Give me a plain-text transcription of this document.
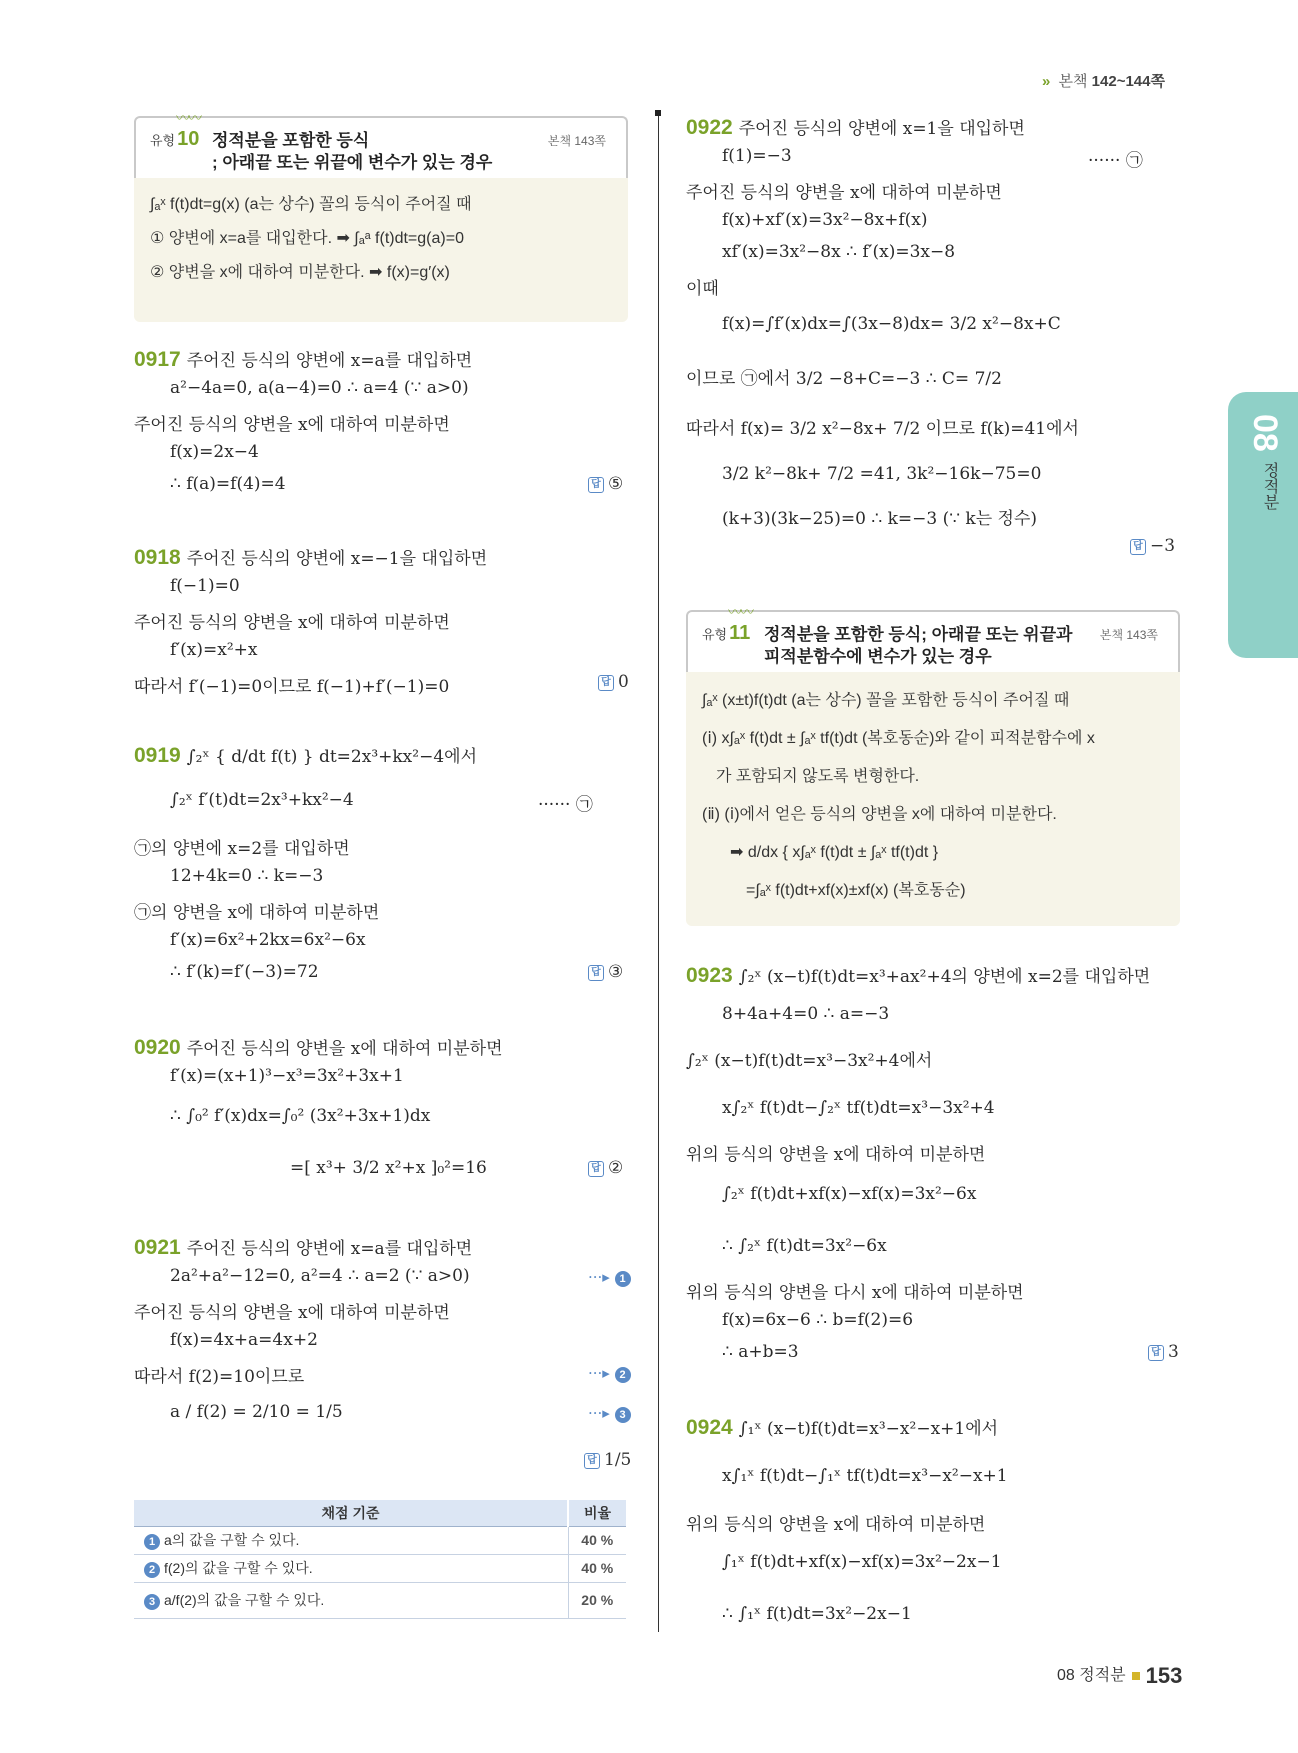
» 본책 142~144쪽
〰〰
유형 10 정적분을 포함한 등식
; 아래끝 또는 위끝에 변수가 있는 경우
본책 143쪽
∫ₐˣ f(t)dt=g(x) (a는 상수) 꼴의 등식이 주어질 때
① 양변에 x=a를 대입한다. ➡ ∫ₐᵃ f(t)dt=g(a)=0
② 양변을 x에 대하여 미분한다. ➡ f(x)=g′(x)
0917 주어진 등식의 양변에 x=a를 대입하면
a²−4a=0, a(a−4)=0 ∴ a=4 (∵ a>0)
주어진 등식의 양변을 x에 대하여 미분하면
f(x)=2x−4
∴ f(a)=f(4)=4	답 ⑤
0918 주어진 등식의 양변에 x=−1을 대입하면
f(−1)=0
주어진 등식의 양변을 x에 대하여 미분하면
f′(x)=x²+x
따라서 f′(−1)=0이므로 f(−1)+f′(−1)=0	답 0
0919 ∫₂ˣ { d/dt f(t) } dt=2x³+kx²−4에서
∫₂ˣ f′(t)dt=2x³+kx²−4	······ ㉠
㉠의 양변에 x=2를 대입하면
12+4k=0 ∴ k=−3
㉠의 양변을 x에 대하여 미분하면
f′(x)=6x²+2kx=6x²−6x
∴ f′(k)=f′(−3)=72	답 ③
0920 주어진 등식의 양변을 x에 대하여 미분하면
f′(x)=(x+1)³−x³=3x²+3x+1
∴ ∫₀² f′(x)dx=∫₀² (3x²+3x+1)dx
=[ x³+ 3/2 x²+x ]₀²=16	답 ②
0921 주어진 등식의 양변에 x=a를 대입하면
2a²+a²−12=0, a²=4 ∴ a=2 (∵ a>0)	···▸ 1
주어진 등식의 양변을 x에 대하여 미분하면
f(x)=4x+a=4x+2
따라서 f(2)=10이므로	···▸ 2
a / f(2) = 2/10 = 1/5	···▸ 3
답 1/5
채점 기준	비율
1 a의 값을 구할 수 있다.	40 %
2 f(2)의 값을 구할 수 있다.	40 %
3 a/f(2)의 값을 구할 수 있다.	20 %
0922 주어진 등식의 양변에 x=1을 대입하면
f(1)=−3	······ ㉠
주어진 등식의 양변을 x에 대하여 미분하면
f(x)+xf′(x)=3x²−8x+f(x)
xf′(x)=3x²−8x ∴ f′(x)=3x−8
이때
f(x)=∫f′(x)dx=∫(3x−8)dx= 3/2 x²−8x+C
이므로 ㉠에서 3/2 −8+C=−3 ∴ C= 7/2
따라서 f(x)= 3/2 x²−8x+ 7/2 이므로 f(k)=41에서
3/2 k²−8k+ 7/2 =41, 3k²−16k−75=0
(k+3)(3k−25)=0 ∴ k=−3 (∵ k는 정수)
답 −3
〰〰
유형 11 정적분을 포함한 등식; 아래끝 또는 위끝과
피적분함수에 변수가 있는 경우
본책 143쪽
∫ₐˣ (x±t)f(t)dt (a는 상수) 꼴을 포함한 등식이 주어질 때
(ⅰ) x∫ₐˣ f(t)dt ± ∫ₐˣ tf(t)dt (복호동순)와 같이 피적분함수에 x
가 포함되지 않도록 변형한다.
(ⅱ) (ⅰ)에서 얻은 등식의 양변을 x에 대하여 미분한다.
➡ d/dx { x∫ₐˣ f(t)dt ± ∫ₐˣ tf(t)dt }
=∫ₐˣ f(t)dt+xf(x)±xf(x) (복호동순)
0923 ∫₂ˣ (x−t)f(t)dt=x³+ax²+4의 양변에 x=2를 대입하면
8+4a+4=0 ∴ a=−3
∫₂ˣ (x−t)f(t)dt=x³−3x²+4에서
x∫₂ˣ f(t)dt−∫₂ˣ tf(t)dt=x³−3x²+4
위의 등식의 양변을 x에 대하여 미분하면
∫₂ˣ f(t)dt+xf(x)−xf(x)=3x²−6x
∴ ∫₂ˣ f(t)dt=3x²−6x
위의 등식의 양변을 다시 x에 대하여 미분하면
f(x)=6x−6 ∴ b=f(2)=6
∴ a+b=3	답 3
0924 ∫₁ˣ (x−t)f(t)dt=x³−x²−x+1에서
x∫₁ˣ f(t)dt−∫₁ˣ tf(t)dt=x³−x²−x+1
위의 등식의 양변을 x에 대하여 미분하면
∫₁ˣ f(t)dt+xf(x)−xf(x)=3x²−2x−1
∴ ∫₁ˣ f(t)dt=3x²−2x−1
08
정적분
08 정적분 153
